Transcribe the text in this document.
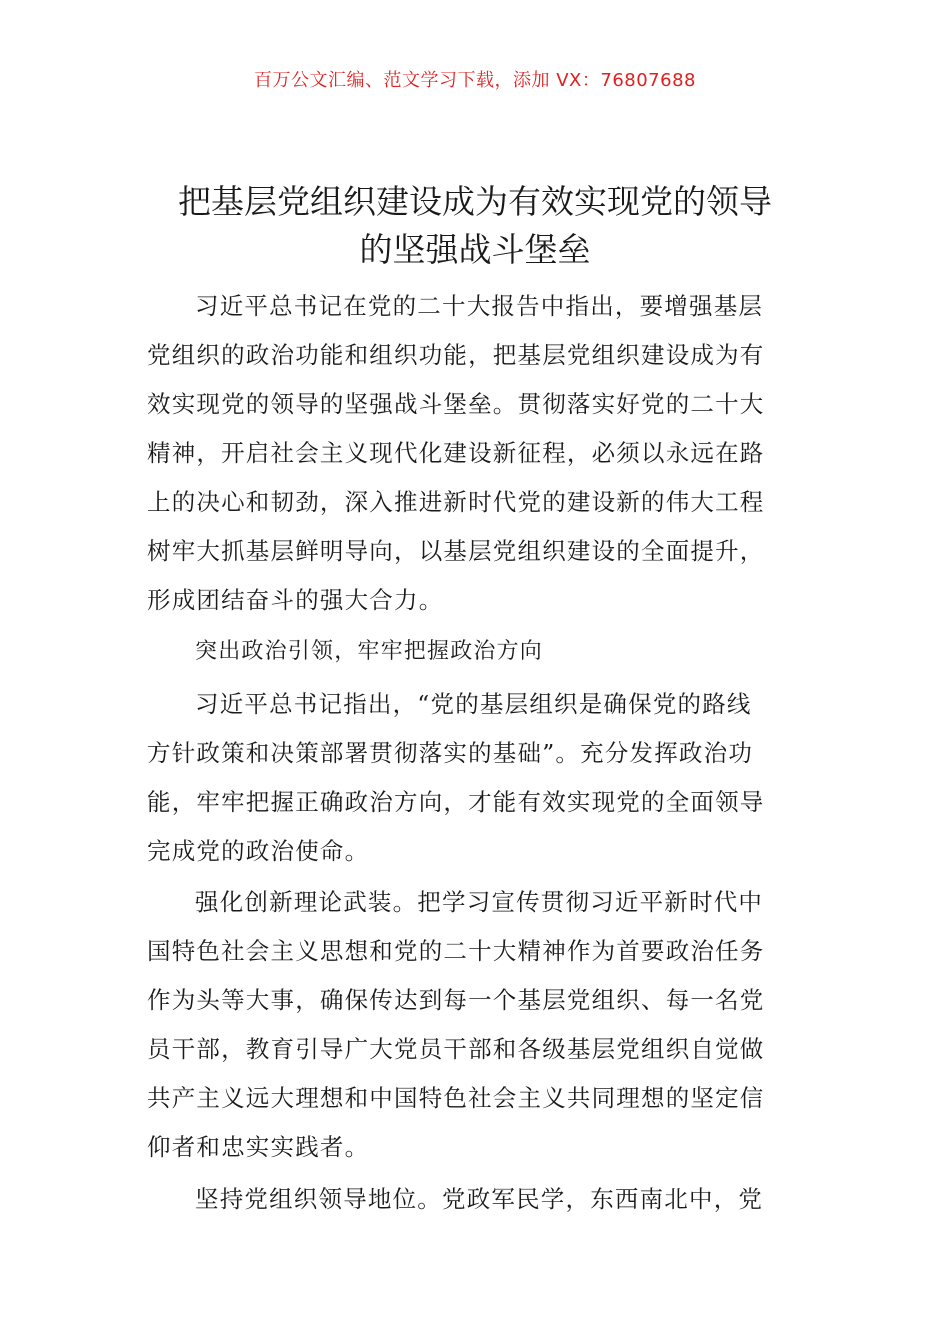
百万公文汇编、范文学习下载，添加 VX：76807688
把基层党组织建设成为有效实现党的领导
的坚强战斗堡垒
习近平总书记在党的二十大报告中指出，要增强基层
党组织的政治功能和组织功能，把基层党组织建设成为有
效实现党的领导的坚强战斗堡垒。贯彻落实好党的二十大
精神，开启社会主义现代化建设新征程，必须以永远在路
上的决心和韧劲，深入推进新时代党的建设新的伟大工程
树牢大抓基层鲜明导向，以基层党组织建设的全面提升，
形成团结奋斗的强大合力。
突出政治引领，牢牢把握政治方向
习近平总书记指出，“党的基层组织是确保党的路线
方针政策和决策部署贯彻落实的基础”。充分发挥政治功
能，牢牢把握正确政治方向，才能有效实现党的全面领导
完成党的政治使命。
强化创新理论武装。把学习宣传贯彻习近平新时代中
国特色社会主义思想和党的二十大精神作为首要政治任务
作为头等大事，确保传达到每一个基层党组织、每一名党
员干部，教育引导广大党员干部和各级基层党组织自觉做
共产主义远大理想和中国特色社会主义共同理想的坚定信
仰者和忠实实践者。
坚持党组织领导地位。党政军民学，东西南北中，党
